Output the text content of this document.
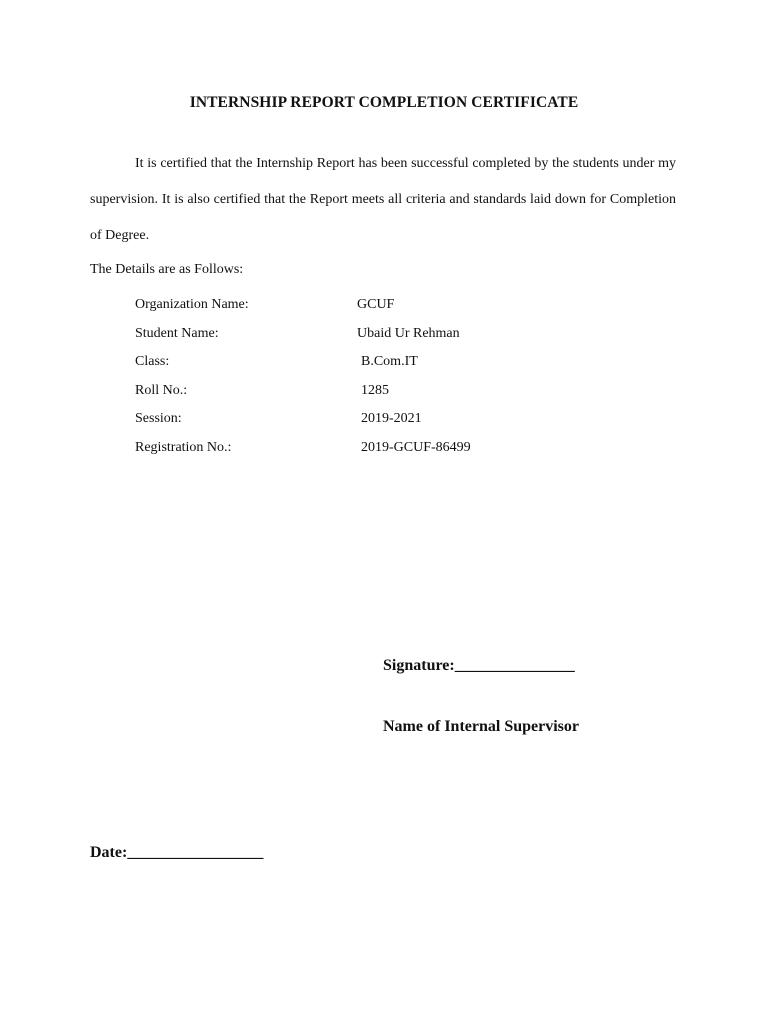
INTERNSHIP REPORT COMPLETION CERTIFICATE

It is certified that the Internship Report has been successful completed by the students under my supervision. It is also certified that the Report meets all criteria and standards laid down for Completion of Degree.

The Details are as Follows:
Organization Name:	GCUF
Student Name:	Ubaid Ur Rehman
Class:	B.Com.IT
Roll No.:	1285
Session:	2019-2021
Registration No.:	2019-GCUF-86499
Signature:_______________
Name of Internal Supervisor
Date:_________________
